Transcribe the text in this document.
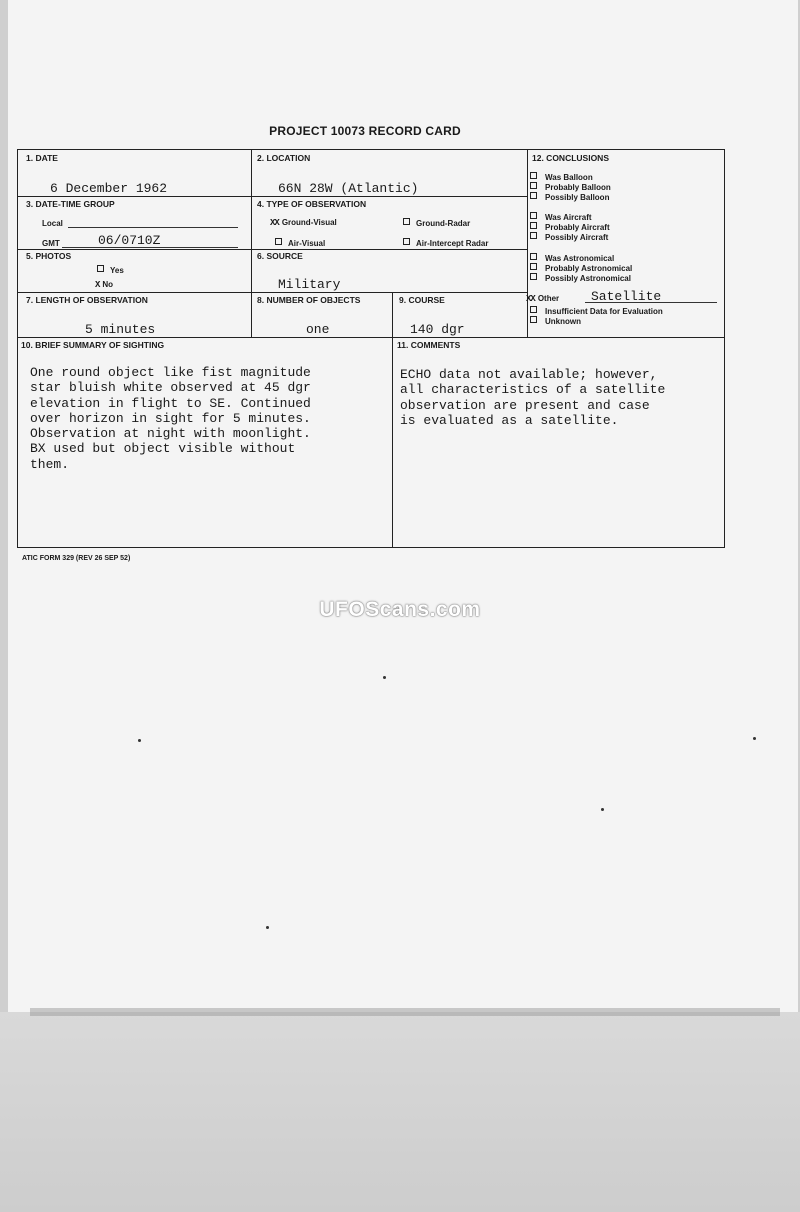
PROJECT 10073 RECORD CARD
1. DATE
6 December 1962
2. LOCATION
66N 28W (Atlantic)
3. DATE-TIME GROUP
Local
GMT	06/0710Z
4. TYPE OF OBSERVATION
XX Ground-Visual	Ground-Radar
Air-Visual	Air-Intercept Radar
5. PHOTOS
Yes
X No
6. SOURCE
Military
7. LENGTH OF OBSERVATION
5 minutes
8. NUMBER OF OBJECTS
one
9. COURSE
140 dgr
10. BRIEF SUMMARY OF SIGHTING
One round object like fist magnitude
star bluish white observed at 45 dgr
elevation in flight to SE. Continued
over horizon in sight for 5 minutes.
Observation at night with moonlight.
BX used but object visible without
them.
11. COMMENTS
ECHO data not available; however,
all characteristics of a satellite
observation are present and case
is evaluated as a satellite.
12. CONCLUSIONS
Was Balloon
Probably Balloon
Possibly Balloon
Was Aircraft
Probably Aircraft
Possibly Aircraft
Was Astronomical
Probably Astronomical
Possibly Astronomical
XX Other Satellite
Insufficient Data for Evaluation
Unknown
ATIC FORM 329 (REV 26 SEP 52)
UFOScans.com
